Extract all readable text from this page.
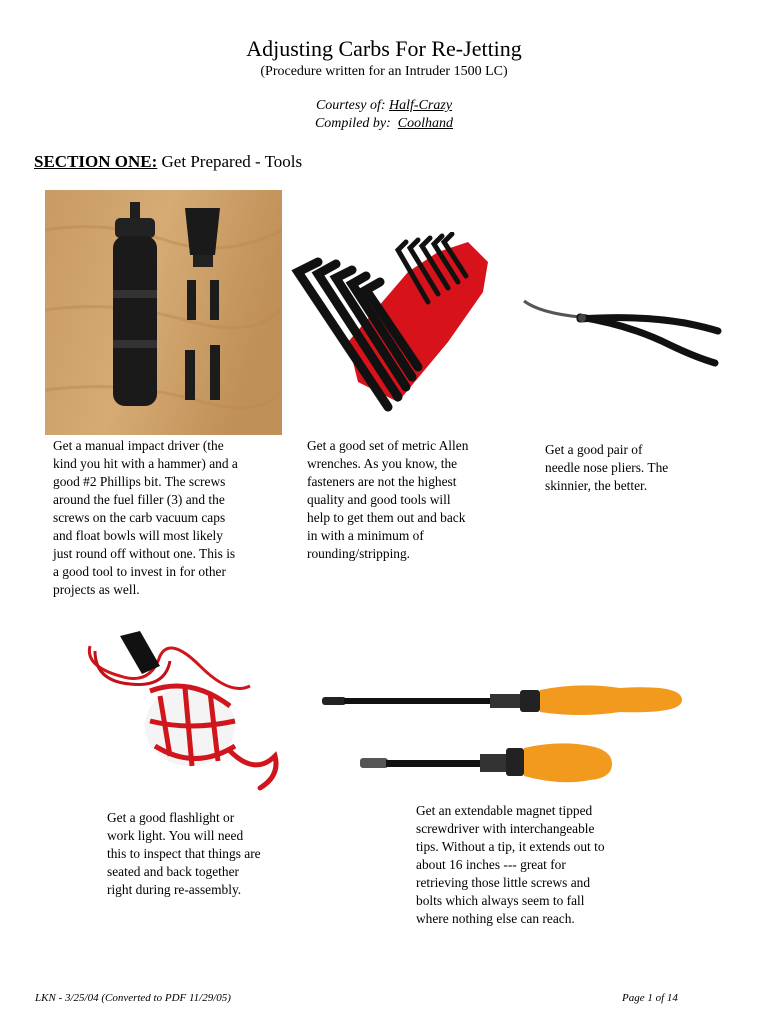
Adjusting Carbs For Re-Jetting
(Procedure written for an Intruder 1500 LC)
Courtesy of: Half-Crazy
Compiled by: Coolhand
SECTION ONE: Get Prepared - Tools
Get a manual impact driver (the
kind you hit with a hammer) and a
good #2 Phillips bit. The screws
around the fuel filler (3) and the
screws on the carb vacuum caps
and float bowls will most likely
just round off without one. This is
a good tool to invest in for other
projects as well.
Get a good set of metric Allen
wrenches. As you know, the
fasteners are not the highest
quality and good tools will
help to get them out and back
in with a minimum of
rounding/stripping.
Get a good pair of
needle nose pliers. The
skinnier, the better.
Get a good flashlight or
work light. You will need
this to inspect that things are
seated and back together
right during re-assembly.
Get an extendable magnet tipped
screwdriver with interchangeable
tips. Without a tip, it extends out to
about 16 inches --- great for
retrieving those little screws and
bolts which always seem to fall
where nothing else can reach.
LKN - 3/25/04 (Converted to PDF 11/29/05)	Page 1 of 14
